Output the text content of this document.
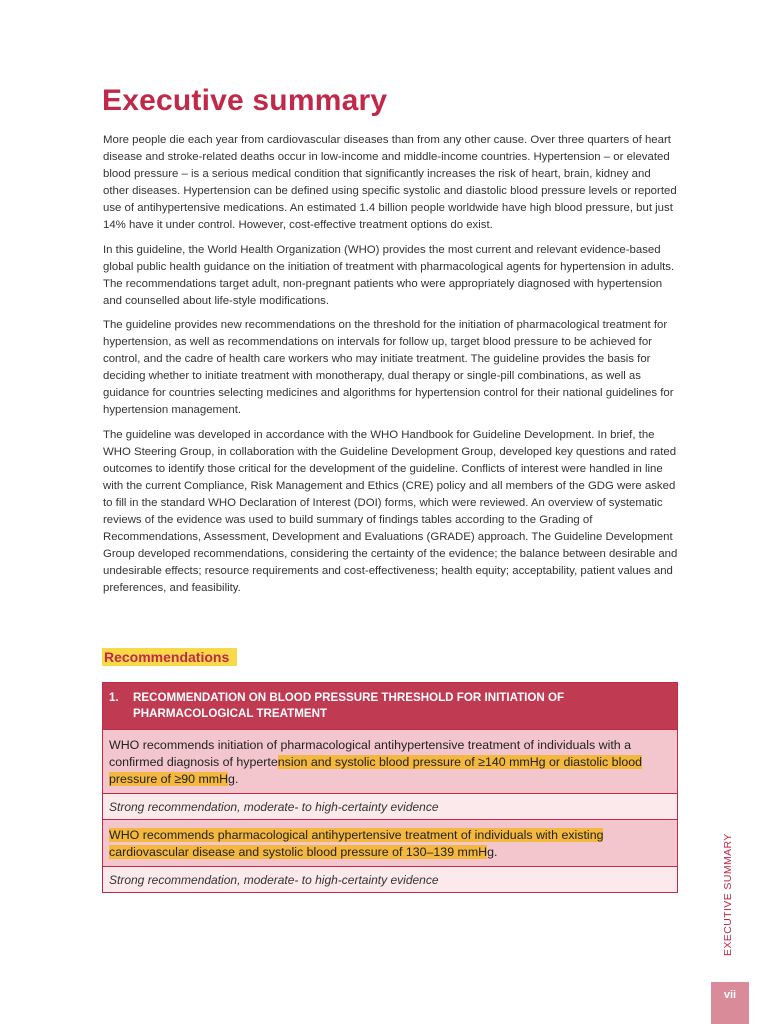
Executive summary

More people die each year from cardiovascular diseases than from any other cause. Over three quarters of heart disease and stroke-related deaths occur in low-income and middle-income countries. Hypertension – or elevated blood pressure – is a serious medical condition that significantly increases the risk of heart, brain, kidney and other diseases. Hypertension can be defined using specific systolic and diastolic blood pressure levels or reported use of antihypertensive medications. An estimated 1.4 billion people worldwide have high blood pressure, but just 14% have it under control. However, cost-effective treatment options do exist.

In this guideline, the World Health Organization (WHO) provides the most current and relevant evidence-based global public health guidance on the initiation of treatment with pharmacological agents for hypertension in adults. The recommendations target adult, non-pregnant patients who were appropriately diagnosed with hypertension and counselled about life-style modifications.

The guideline provides new recommendations on the threshold for the initiation of pharmacological treatment for hypertension, as well as recommendations on intervals for follow up, target blood pressure to be achieved for control, and the cadre of health care workers who may initiate treatment. The guideline provides the basis for deciding whether to initiate treatment with monotherapy, dual therapy or single-pill combinations, as well as guidance for countries selecting medicines and algorithms for hypertension control for their national guidelines for hypertension management.

The guideline was developed in accordance with the WHO Handbook for Guideline Development. In brief, the WHO Steering Group, in collaboration with the Guideline Development Group, developed key questions and rated outcomes to identify those critical for the development of the guideline. Conflicts of interest were handled in line with the current Compliance, Risk Management and Ethics (CRE) policy and all members of the GDG were asked to fill in the standard WHO Declaration of Interest (DOI) forms, which were reviewed. An overview of systematic reviews of the evidence was used to build summary of findings tables according to the Grading of Recommendations, Assessment, Development and Evaluations (GRADE) approach. The Guideline Development Group developed recommendations, considering the certainty of the evidence; the balance between desirable and undesirable effects; resource requirements and cost-effectiveness; health equity; acceptability, patient values and preferences, and feasibility.

Recommendations
1.	RECOMMENDATION ON BLOOD PRESSURE THRESHOLD FOR INITIATION OF PHARMACOLOGICAL TREATMENT
WHO recommends initiation of pharmacological antihypertensive treatment of individuals with a confirmed diagnosis of hypertension and systolic blood pressure of ≥140 mmHg or diastolic blood pressure of ≥90 mmHg.
Strong recommendation, moderate- to high-certainty evidence
WHO recommends pharmacological antihypertensive treatment of individuals with existing cardiovascular disease and systolic blood pressure of 130–139 mmHg.
Strong recommendation, moderate- to high-certainty evidence	EXECUTIVE SUMMARY
vii
